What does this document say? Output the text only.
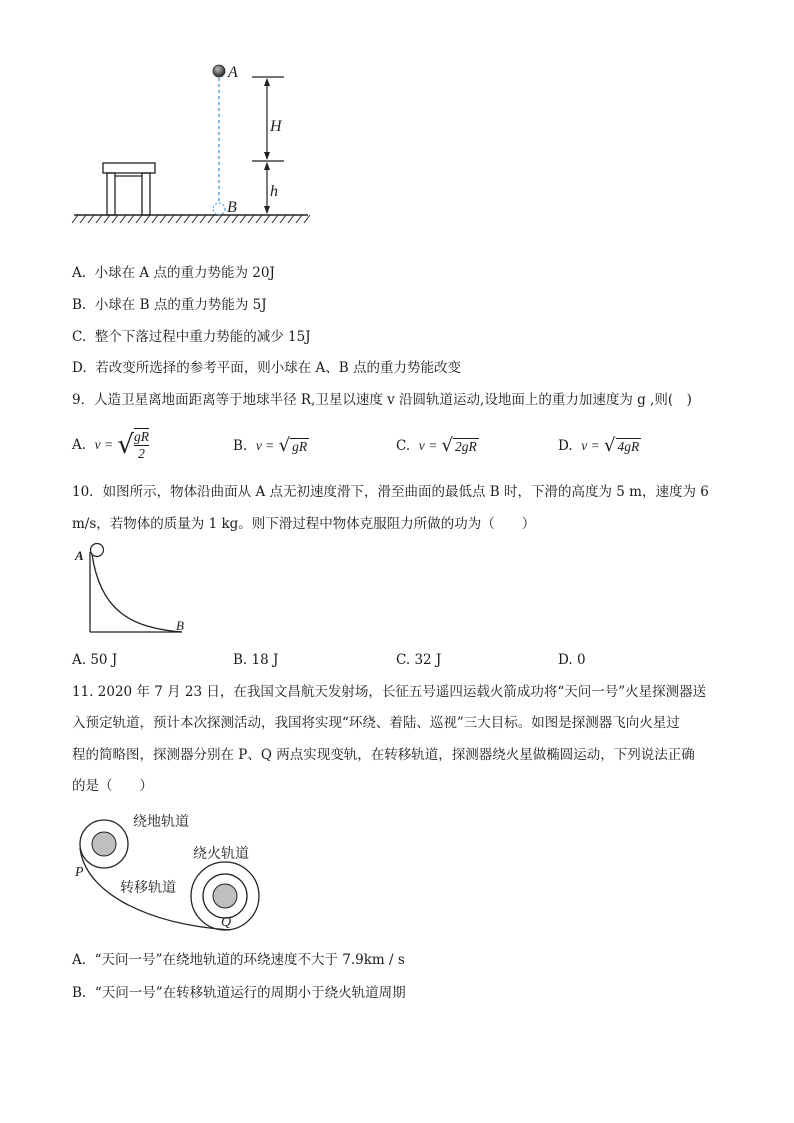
A
B
H
h
A. 小球在 A 点的重力势能为 20J
B. 小球在 B 点的重力势能为 5J
C. 整个下落过程中重力势能的减少 15J
D. 若改变所选择的参考平面，则小球在 A、B 点的重力势能改变
9．人造卫星离地面距离等于地球半径 R,卫星以速度 v 沿圆轨道运动,设地面上的重力加速度为 g ,则(　)
A.
v =
√ $\frac{gR}{2}$	B.
v =
√ gR	C.
v =
√ 2gR	D.
v =
√ 4gR
10．如图所示，物体沿曲面从 A 点无初速度滑下，滑至曲面的最低点 B 时，下滑的高度为 5 m，速度为 6
m/s，若物体的质量为 1 kg。则下滑过程中物体克服阻力所做的功为（　　）
A
B
A. 50 J	B. 18 J	C. 32 J	D. 0
11. 2020 年 7 月 23 日，在我国文昌航天发射场，长征五号遥四运载火箭成功将“天问一号”火星探测器送
入预定轨道，预计本次探测活动，我国将实现“环绕、着陆、巡视”三大目标。如图是探测器飞向火星过
程的简略图，探测器分别在 P、Q 两点实现变轨，在转移轨道，探测器绕火星做椭圆运动，下列说法正确
的是（　　）
绕地轨道
绕火轨道
转移轨道
P
Q
A. “天问一号”在绕地轨道的环绕速度不大于 7.9km / s
B. “天问一号”在转移轨道运行的周期小于绕火轨道周期
